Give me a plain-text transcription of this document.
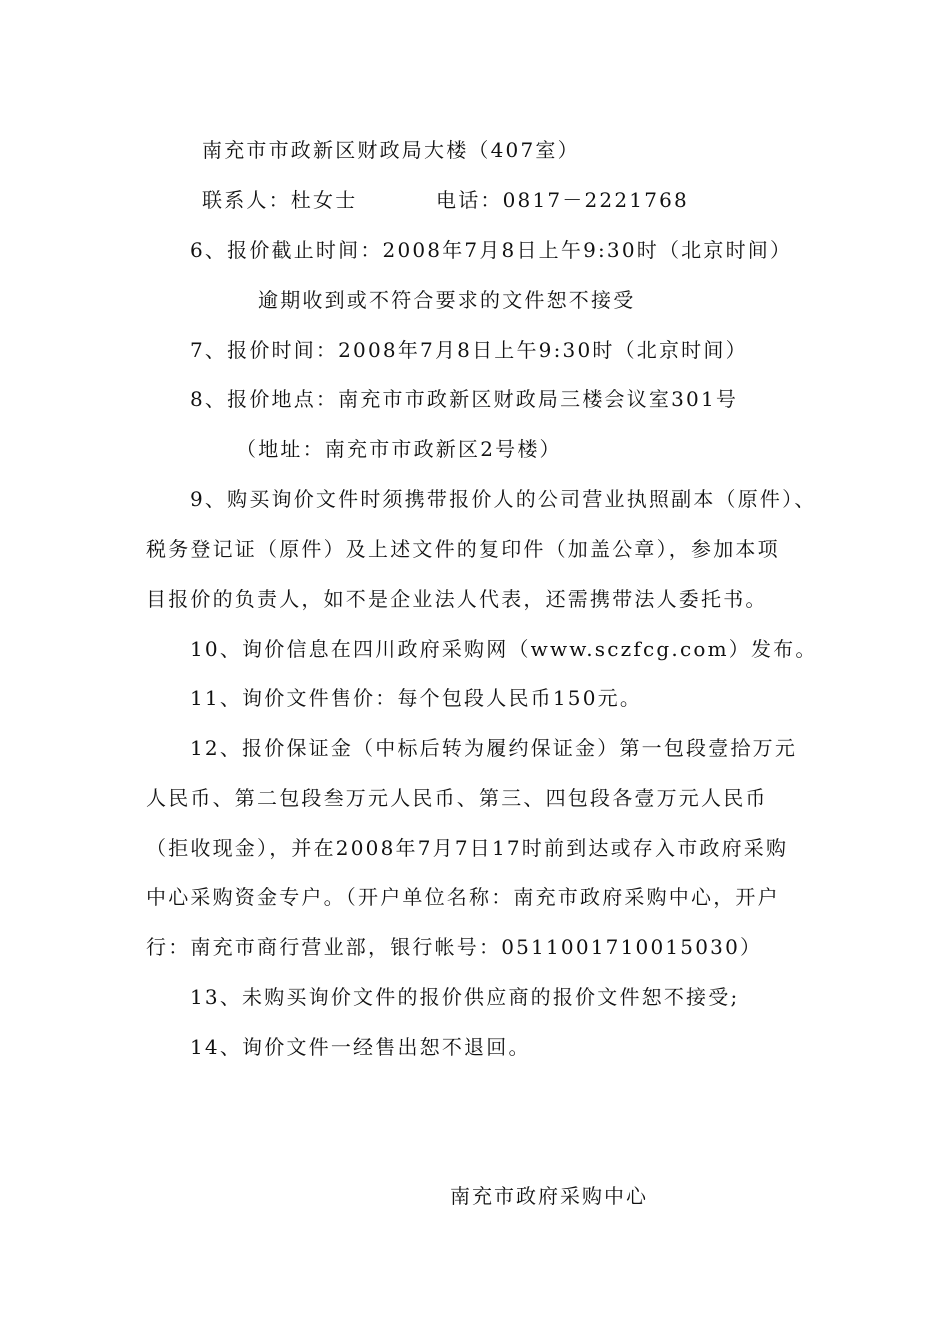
南充市市政新区财政局大楼（407室）
联系人：杜女士	电话：0817－2221768
6、报价截止时间：2008年7月8日上午9:30时（北京时间）
逾期收到或不符合要求的文件恕不接受
7、报价时间：2008年7月8日上午9:30时（北京时间）
8、报价地点：南充市市政新区财政局三楼会议室301号
（地址：南充市市政新区2号楼）
9、购买询价文件时须携带报价人的公司营业执照副本（原件）、
税务登记证（原件）及上述文件的复印件（加盖公章），参加本项
目报价的负责人，如不是企业法人代表，还需携带法人委托书。
10、询价信息在四川政府采购网（www.sczfcg.com）发布。
11、询价文件售价：每个包段人民币150元。
12、报价保证金（中标后转为履约保证金）第一包段壹拾万元
人民币、第二包段叁万元人民币、第三、四包段各壹万元人民币
（拒收现金），并在2008年7月7日17时前到达或存入市政府采购
中心采购资金专户。（开户单位名称：南充市政府采购中心，开户
行：南充市商行营业部，银行帐号：0511001710015030）
13、未购买询价文件的报价供应商的报价文件恕不接受;
14、询价文件一经售出恕不退回。
南充市政府采购中心
